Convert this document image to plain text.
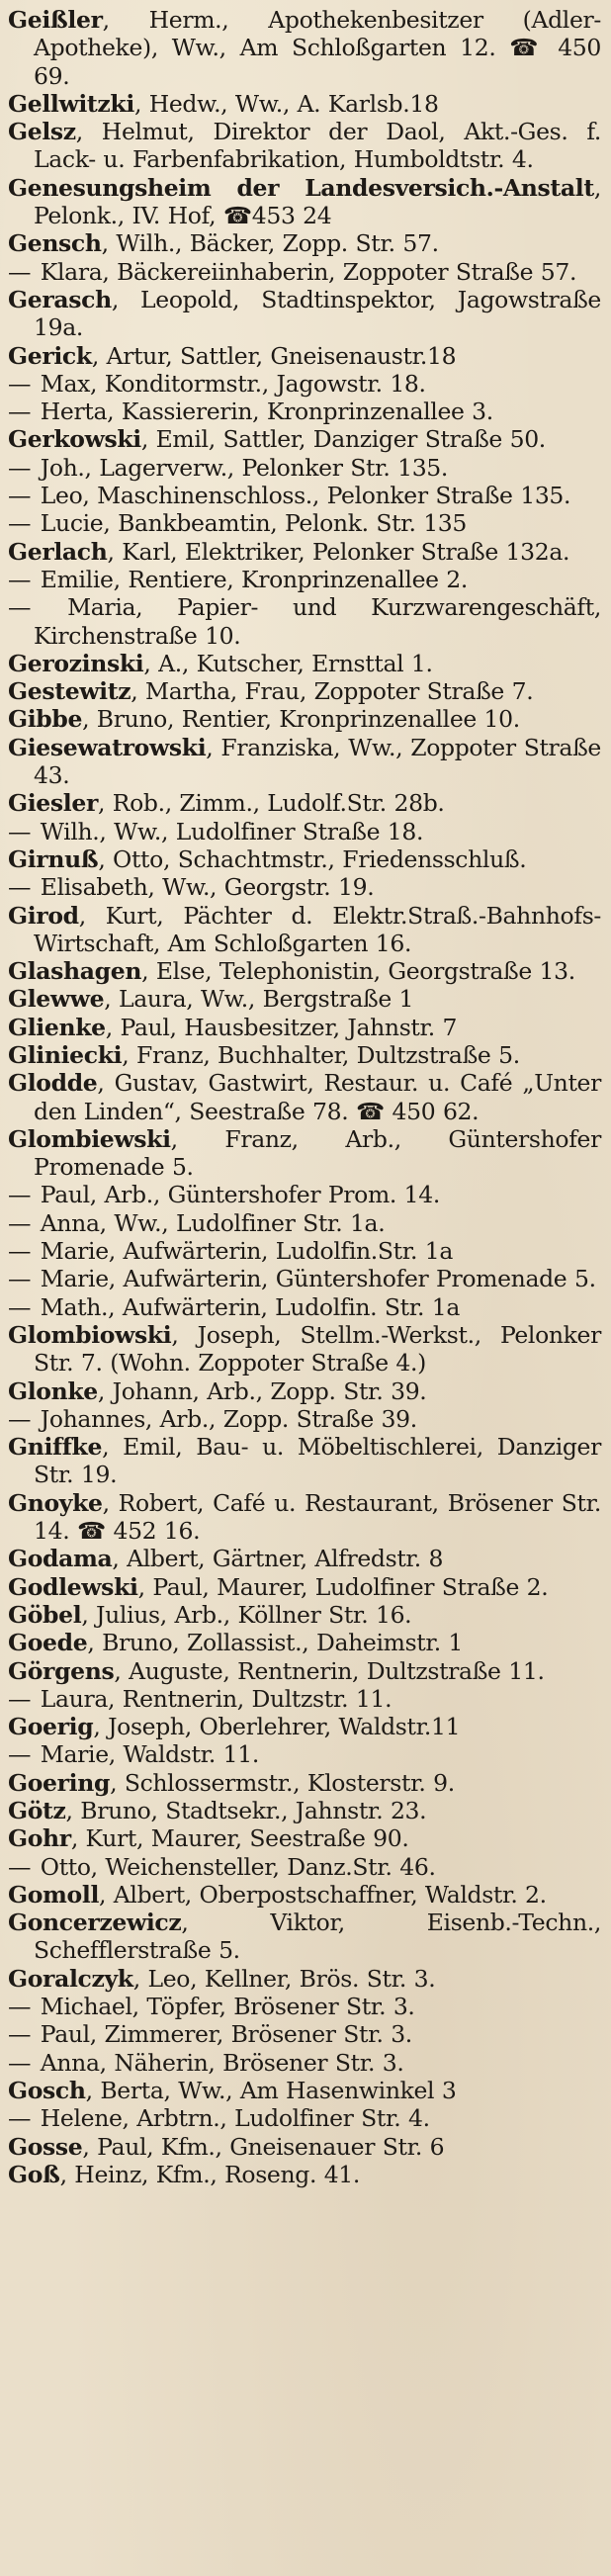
Geißler, Herm., Apothekenbesitzer (Adler-Apotheke), Ww., Am Schloßgarten 12. ☎ 450 69.

Gellwitzki, Hedw., Ww., A. Karlsb.18

Gelsz, Helmut, Direktor der Daol, Akt.-Ges. f. Lack- u. Farbenfabrikation, Humboldtstr. 4.

Genesungsheim der Landesversich.-Anstalt, Pelonk., IV. Hof, ☎453 24

Gensch, Wilh., Bäcker, Zopp. Str. 57.

— Klara, Bäckereiinhaberin, Zoppoter Straße 57.

Gerasch, Leopold, Stadtinspektor, Jagowstraße 19a.

Gerick, Artur, Sattler, Gneisenaustr.18

— Max, Konditormstr., Jagowstr. 18.

— Herta, Kassiererin, Kronprinzenallee 3.

Gerkowski, Emil, Sattler, Danziger Straße 50.

— Joh., Lagerverw., Pelonker Str. 135.

— Leo, Maschinenschloss., Pelonker Straße 135.

— Lucie, Bankbeamtin, Pelonk. Str. 135

Gerlach, Karl, Elektriker, Pelonker Straße 132a.

— Emilie, Rentiere, Kronprinzenallee 2.

— Maria, Papier- und Kurzwarengeschäft, Kirchenstraße 10.

Gerozinski, A., Kutscher, Ernsttal 1.

Gestewitz, Martha, Frau, Zoppoter Straße 7.

Gibbe, Bruno, Rentier, Kronprinzenallee 10.

Giesewatrowski, Franziska, Ww., Zoppoter Straße 43.

Giesler, Rob., Zimm., Ludolf.Str. 28b.

— Wilh., Ww., Ludolfiner Straße 18.

Girnuß, Otto, Schachtmstr., Friedensschluß.

— Elisabeth, Ww., Georgstr. 19.

Girod, Kurt, Pächter d. Elektr.Straß.-Bahnhofs-Wirtschaft, Am Schloßgarten 16.

Glashagen, Else, Telephonistin, Georgstraße 13.

Glewwe, Laura, Ww., Bergstraße 1

Glienke, Paul, Hausbesitzer, Jahnstr. 7

Gliniecki, Franz, Buchhalter, Dultzstraße 5.

Glodde, Gustav, Gastwirt, Restaur. u. Café „Unter den Linden“, Seestraße 78. ☎ 450 62.

Glombiewski, Franz, Arb., Güntershofer Promenade 5.

— Paul, Arb., Güntershofer Prom. 14.

— Anna, Ww., Ludolfiner Str. 1a.

— Marie, Aufwärterin, Ludolfin.Str. 1a

— Marie, Aufwärterin, Güntershofer Promenade 5.

— Math., Aufwärterin, Ludolfin. Str. 1a

Glombiowski, Joseph, Stellm.-Werkst., Pelonker Str. 7. (Wohn. Zoppoter Straße 4.)

Glonke, Johann, Arb., Zopp. Str. 39.

— Johannes, Arb., Zopp. Straße 39.

Gniffke, Emil, Bau- u. Möbeltischlerei, Danziger Str. 19.

Gnoyke, Robert, Café u. Restaurant, Brösener Str. 14. ☎ 452 16.

Godama, Albert, Gärtner, Alfredstr. 8

Godlewski, Paul, Maurer, Ludolfiner Straße 2.

Göbel, Julius, Arb., Köllner Str. 16.

Goede, Bruno, Zollassist., Daheimstr. 1

Görgens, Auguste, Rentnerin, Dultzstraße 11.

— Laura, Rentnerin, Dultzstr. 11.

Goerig, Joseph, Oberlehrer, Waldstr.11

— Marie, Waldstr. 11.

Goering, Schlossermstr., Klosterstr. 9.

Götz, Bruno, Stadtsekr., Jahnstr. 23.

Gohr, Kurt, Maurer, Seestraße 90.

— Otto, Weichensteller, Danz.Str. 46.

Gomoll, Albert, Oberpostschaffner, Waldstr. 2.

Goncerzewicz, Viktor, Eisenb.-Techn., Schefflerstraße 5.

Goralczyk, Leo, Kellner, Brös. Str. 3.

— Michael, Töpfer, Brösener Str. 3.

— Paul, Zimmerer, Brösener Str. 3.

— Anna, Näherin, Brösener Str. 3.

Gosch, Berta, Ww., Am Hasenwinkel 3

— Helene, Arbtrn., Ludolfiner Str. 4.

Gosse, Paul, Kfm., Gneisenauer Str. 6

Goß, Heinz, Kfm., Roseng. 41.
